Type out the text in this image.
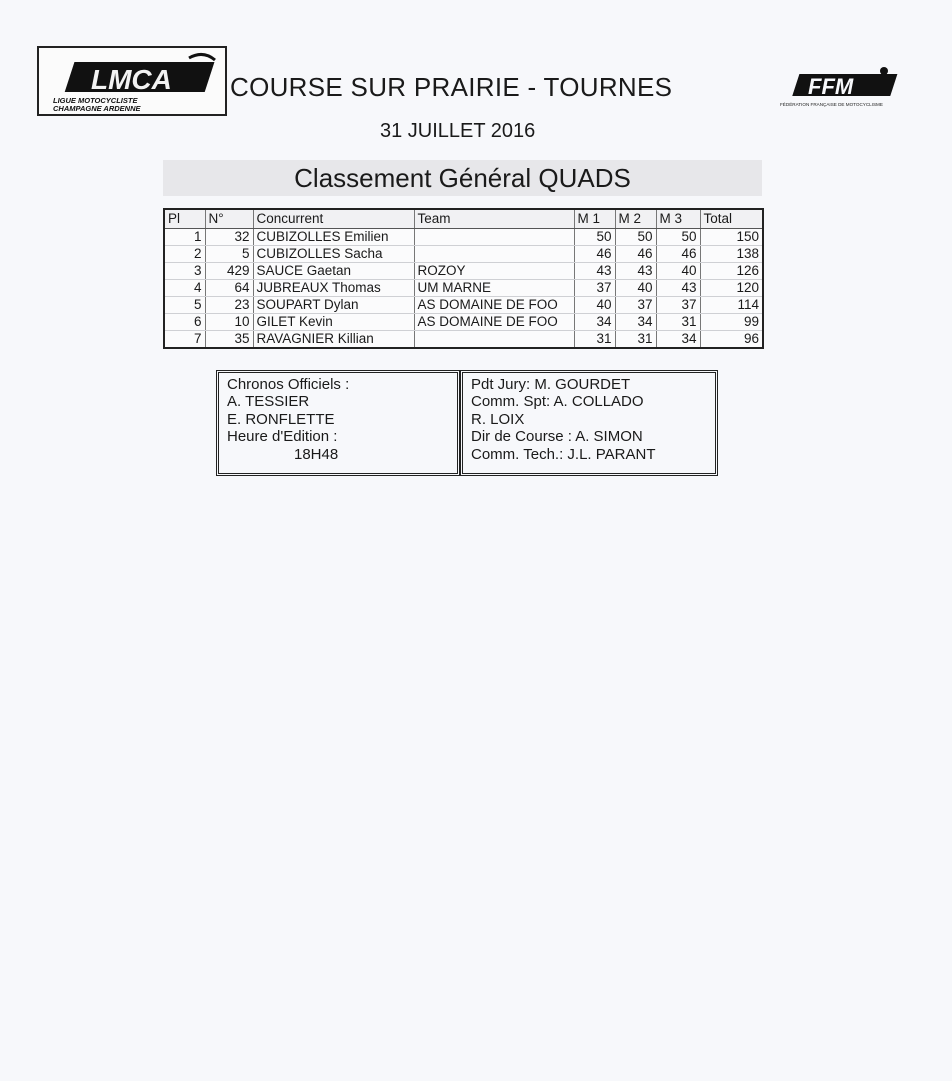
LMCA
LIGUE MOTOCYCLISTE
CHAMPAGNE ARDENNE
FFM
FÉDÉRATION FRANÇAISE DE MOTOCYCLISME
COURSE SUR PRAIRIE - TOURNES
31 JUILLET 2016
Classement Général QUADS
Pl	N°	Concurrent	Team	M 1	M 2	M 3	Total
1	32	CUBIZOLLES Emilien		50	50	50	150
2	5	CUBIZOLLES Sacha		46	46	46	138
3	429	SAUCE Gaetan	ROZOY	43	43	40	126
4	64	JUBREAUX Thomas	UM MARNE	37	40	43	120
5	23	SOUPART Dylan	AS DOMAINE DE FOO	40	37	37	114
6	10	GILET Kevin	AS DOMAINE DE FOO	34	34	31	99
7	35	RAVAGNIER Killian		31	31	34	96
Chronos Officiels :
A. TESSIER
E. RONFLETTE
Heure d'Edition :
18H48
Pdt Jury: M. GOURDET
Comm. Spt: A. COLLADO
R. LOIX
Dir de Course : A. SIMON
Comm. Tech.: J.L. PARANT
